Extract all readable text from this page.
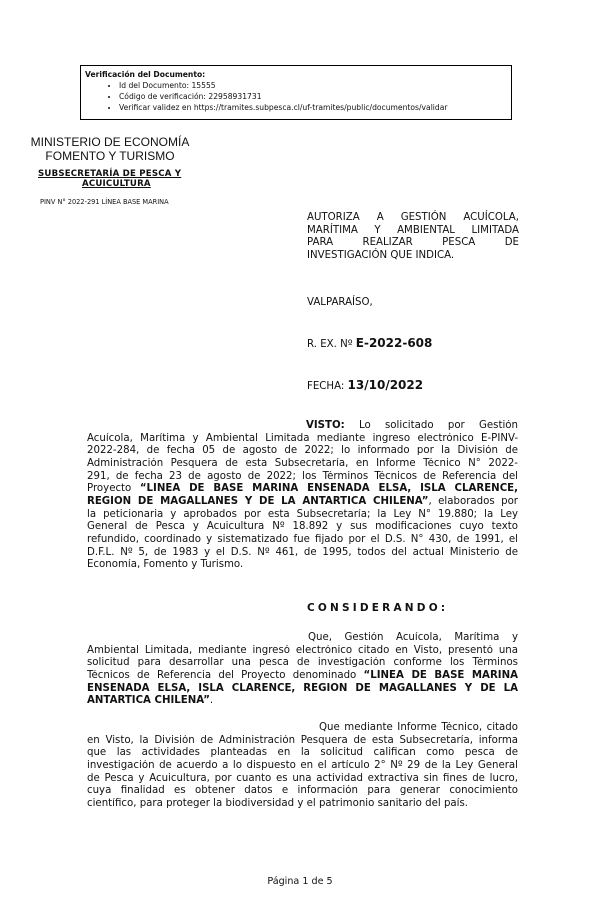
Verificación del Documento:
• Id del Documento: 15555
• Código de verificación: 22958931731
• Verificar validez en https://tramites.subpesca.cl/uf-tramites/public/documentos/validar
MINISTERIO DE ECONOMÍA
FOMENTO Y TURISMO
SUBSECRETARÍA DE PESCA Y
ACUICULTURA
PINV N° 2022-291 LÍNEA BASE MARINA
AUTORIZA A GESTIÓN ACUÍCOLA,
MARÍTIMA Y AMBIENTAL LIMITADA
PARA REALIZAR PESCA DE
INVESTIGACIÓN QUE INDICA.
VALPARAÍSO,
R. EX. Nº E-2022-608
FECHA: 13/10/2022
VISTO: Lo solicitado por Gestión
Acuícola, Marítima y Ambiental Limitada mediante ingreso electrónico E-PINV-
2022-284, de fecha 05 de agosto de 2022; lo informado por la División de
Administración Pesquera de esta Subsecretaría, en Informe Técnico N° 2022-
291, de fecha 23 de agosto de 2022; los Términos Técnicos de Referencia del
Proyecto “LÍNEA DE BASE MARINA ENSENADA ELSA, ISLA CLARENCE,
REGIÓN DE MAGALLANES Y DE LA ANTÁRTICA CHILENA”, elaborados por
la peticionaria y aprobados por esta Subsecretaría; la Ley N° 19.880; la Ley
General de Pesca y Acuicultura Nº 18.892 y sus modificaciones cuyo texto
refundido, coordinado y sistematizado fue fijado por el D.S. N° 430, de 1991, el
D.F.L. Nº 5, de 1983 y el D.S. Nº 461, de 1995, todos del actual Ministerio de
Economía, Fomento y Turismo.
CONSIDERANDO:
Que, Gestión Acuícola, Marítima y
Ambiental Limitada, mediante ingresó electrónico citado en Visto, presentó una
solicitud para desarrollar una pesca de investigación conforme los Términos
Técnicos de Referencia del Proyecto denominado “LÍNEA DE BASE MARINA
ENSENADA ELSA, ISLA CLARENCE, REGIÓN DE MAGALLANES Y DE LA
ANTÁRTICA CHILENA”.
Que mediante Informe Técnico, citado
en Visto, la División de Administración Pesquera de esta Subsecretaría, informa
que las actividades planteadas en la solicitud califican como pesca de
investigación de acuerdo a lo dispuesto en el artículo 2° Nº 29 de la Ley General
de Pesca y Acuicultura, por cuanto es una actividad extractiva sin fines de lucro,
cuya finalidad es obtener datos e información para generar conocimiento
científico, para proteger la biodiversidad y el patrimonio sanitario del país.
Página 1 de 5
